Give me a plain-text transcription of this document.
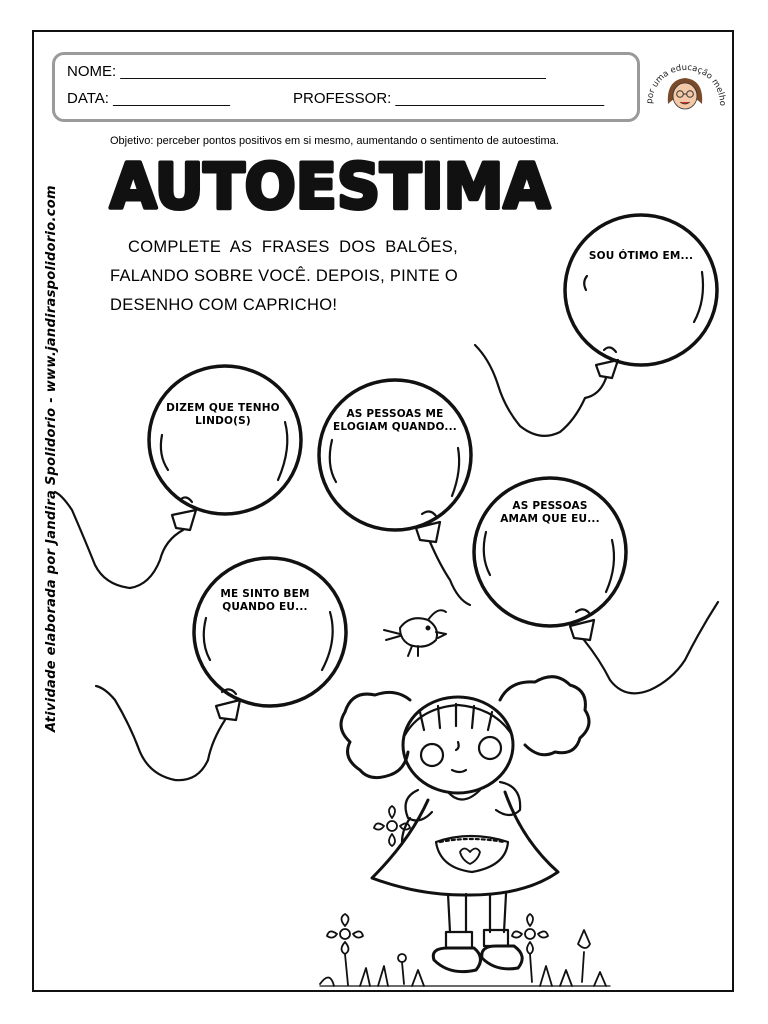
NOME: ___________________________________________________
DATA: ______________	PROFESSOR: _________________________	por uma educação melho
Atividade elaborada por Jandira Spolidorio - www.jandiraspolidorio.com
Objetivo: perceber pontos positivos em si mesmo, aumentando o sentimento de autoestima.
AUTOESTIMA
COMPLETE AS FRASES DOS BALÕES, FALANDO SOBRE VOCÊ. DEPOIS, PINTE O DESENHO COM CAPRICHO!
SOU ÓTIMO EM...
DIZEM QUE TENHO
LINDO(S)
AS PESSOAS ME
ELOGIAM QUANDO...
AS PESSOAS
AMAM QUE EU...
ME SINTO BEM
QUANDO EU...
